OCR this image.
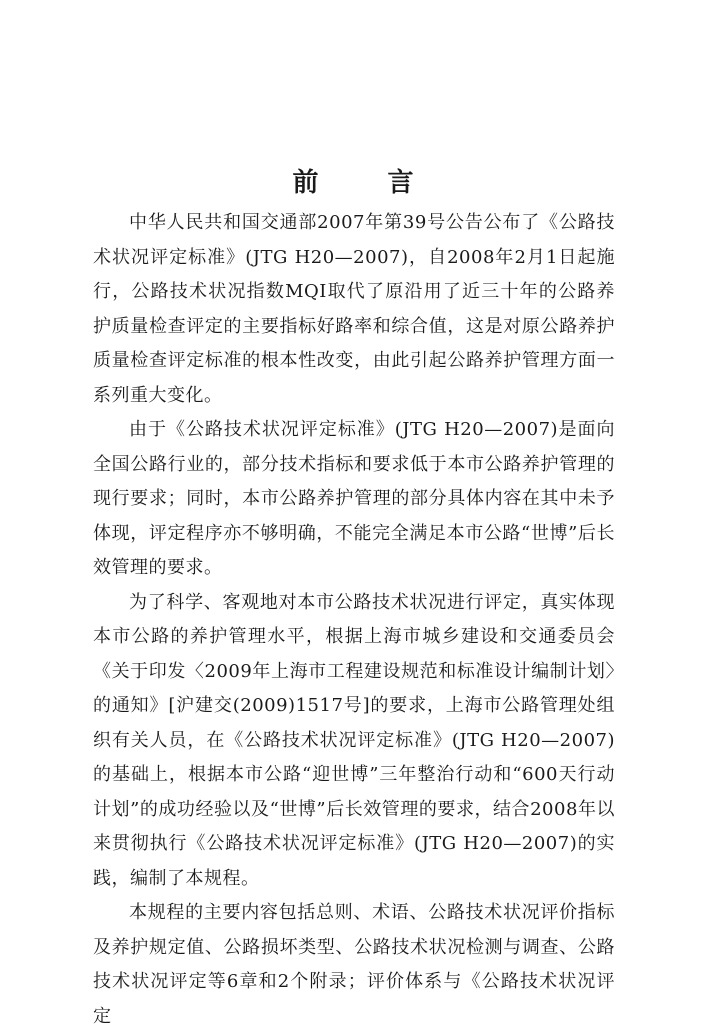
前 言

中华人民共和国交通部2007年第39号公告公布了《公路技术状况评定标准》(JTG H20—2007)，自2008年2月1日起施行，公路技术状况指数MQI取代了原沿用了近三十年的公路养护质量检查评定的主要指标好路率和综合值，这是对原公路养护质量检查评定标准的根本性改变，由此引起公路养护管理方面一系列重大变化。

由于《公路技术状况评定标准》(JTG H20—2007)是面向全国公路行业的，部分技术指标和要求低于本市公路养护管理的现行要求；同时，本市公路养护管理的部分具体内容在其中未予体现，评定程序亦不够明确，不能完全满足本市公路“世博”后长效管理的要求。

为了科学、客观地对本市公路技术状况进行评定，真实体现本市公路的养护管理水平，根据上海市城乡建设和交通委员会《关于印发〈2009年上海市工程建设规范和标准设计编制计划〉的通知》[沪建交(2009)1517号]的要求，上海市公路管理处组织有关人员，在《公路技术状况评定标准》(JTG H20—2007)的基础上，根据本市公路“迎世博”三年整治行动和“600天行动计划”的成功经验以及“世博”后长效管理的要求，结合2008年以来贯彻执行《公路技术状况评定标准》(JTG H20—2007)的实践，编制了本规程。

本规程的主要内容包括总则、术语、公路技术状况评价指标及养护规定值、公路损坏类型、公路技术状况检测与调查、公路技术状况评定等6章和2个附录；评价体系与《公路技术状况评定
